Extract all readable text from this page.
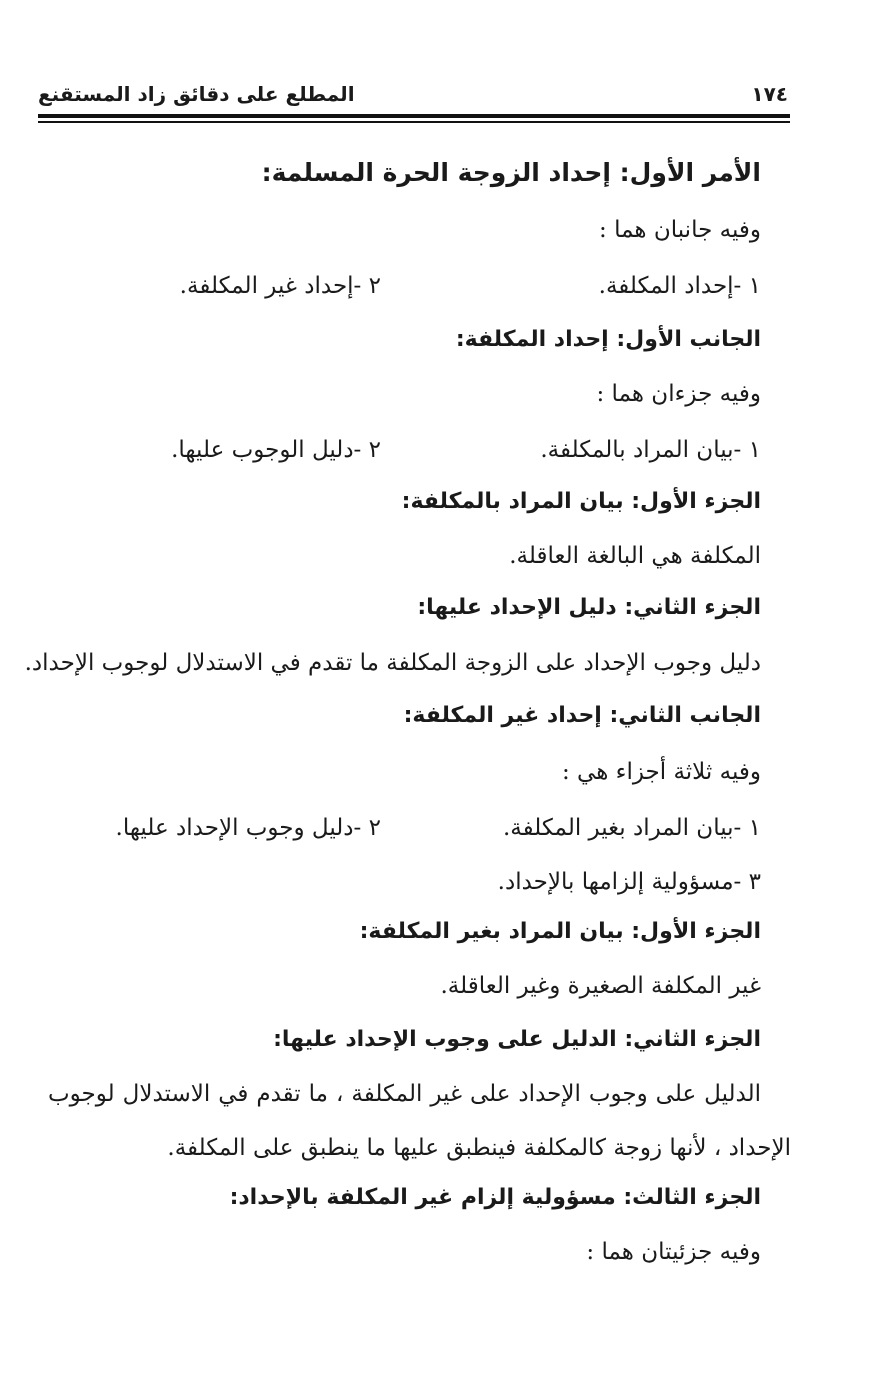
١٧٤
المطلع على دقائق زاد المستقنع
الأمر الأول: إحداد الزوجة الحرة المسلمة:
وفيه جانبان هما :
١ -إحداد المكلفة.
٢ -إحداد غير المكلفة.
الجانب الأول: إحداد المكلفة:
وفيه جزءان هما :
١ -بيان المراد بالمكلفة.
٢ -دليل الوجوب عليها.
الجزء الأول: بيان المراد بالمكلفة:
المكلفة هي البالغة العاقلة.
الجزء الثاني: دليل الإحداد عليها:
دليل وجوب الإحداد على الزوجة المكلفة ما تقدم في الاستدلال لوجوب الإحداد.
الجانب الثاني: إحداد غير المكلفة:
وفيه ثلاثة أجزاء هي :
١ -بيان المراد بغير المكلفة.
٢ -دليل وجوب الإحداد عليها.
٣ -مسؤولية إلزامها بالإحداد.
الجزء الأول: بيان المراد بغير المكلفة:
غير المكلفة الصغيرة وغير العاقلة.
الجزء الثاني: الدليل على وجوب الإحداد عليها:
الدليل على وجوب الإحداد على غير المكلفة ، ما تقدم في الاستدلال لوجوب
الإحداد ، لأنها زوجة كالمكلفة فينطبق عليها ما ينطبق على المكلفة.
الجزء الثالث: مسؤولية إلزام غير المكلفة بالإحداد:
وفيه جزئيتان هما :
